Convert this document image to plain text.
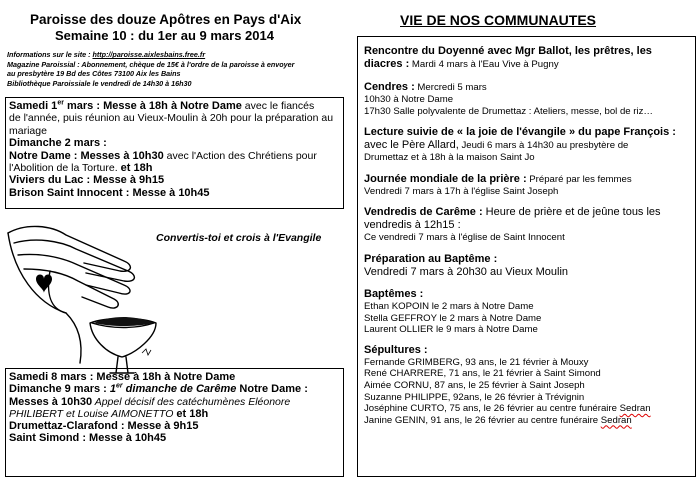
Paroisse des douze Apôtres en Pays d'Aix
Semaine 10 : du 1er au 9 mars 2014
Informations sur le site : http://paroisse.aixlesbains.free.fr
Magazine Paroissial : Abonnement, chèque de 15€ à l'ordre de la paroisse à envoyer
au presbytère 19 Bd des Côtes 73100 Aix les Bains
Bibliothèque Paroissiale le vendredi de 14h30 à 16h30
Samedi 1er mars : Messe à 18h à Notre Dame avec le fiancés
de l'année, puis réunion au Vieux-Moulin à 20h pour la préparation au
mariage
Dimanche 2 mars :
Notre Dame : Messes à 10h30 avec l'Action des Chrétiens pour
l'Abolition de la Torture. et 18h
Viviers du Lac : Messe à 9h15
Brison Saint Innocent : Messe à 10h45
Convertis-toi et crois à l'Evangile
Samedi 8 mars : Messe à 18h à Notre Dame
Dimanche 9 mars : 1er dimanche de Carême Notre Dame :
Messes à 10h30 Appel décisif des catéchumènes Eléonore
PHILIBERT et Louise AIMONETTO et 18h
Drumettaz-Clarafond : Messe à 9h15
Saint Simond : Messe à 10h45
VIE DE NOS COMMUNAUTES
Rencontre du Doyenné avec Mgr Ballot, les prêtres, les
diacres : Mardi 4 mars à l'Eau Vive à Pugny
Cendres : Mercredi 5 mars
10h30 à Notre Dame
17h30 Salle polyvalente de Drumettaz : Ateliers, messe, bol de riz…
Lecture suivie de « la joie de l'évangile » du pape François :
avec le Père Allard, Jeudi 6 mars à 14h30 au presbytère de
Drumettaz et à 18h à la maison Saint Jo
Journée mondiale de la prière : Préparé par les femmes
Vendredi 7 mars à 17h à l'église Saint Joseph
Vendredis de Carême : Heure de prière et de jeûne tous les
vendredis à 12h15 :
Ce vendredi 7 mars à l'église de Saint Innocent
Préparation au Baptême :
Vendredi 7 mars à 20h30 au Vieux Moulin
Baptêmes :
Ethan KOPOIN le 2 mars à Notre Dame
Stella GEFFROY le 2 mars à Notre Dame
Laurent OLLIER le 9 mars à Notre Dame
Sépultures :
Fernande GRIMBERG, 93 ans, le 21 février à Mouxy
René CHARRERE, 71 ans, le 21 février à Saint Simond
Aimée CORNU, 87 ans, le 25 février à Saint Joseph
Suzanne PHILIPPE, 92ans, le 26 février à Trévignin
Joséphine CURTO, 75 ans, le 26 février au centre funéraire Sedran
Janine GENIN, 91 ans, le 26 février au centre funéraire Sedran
